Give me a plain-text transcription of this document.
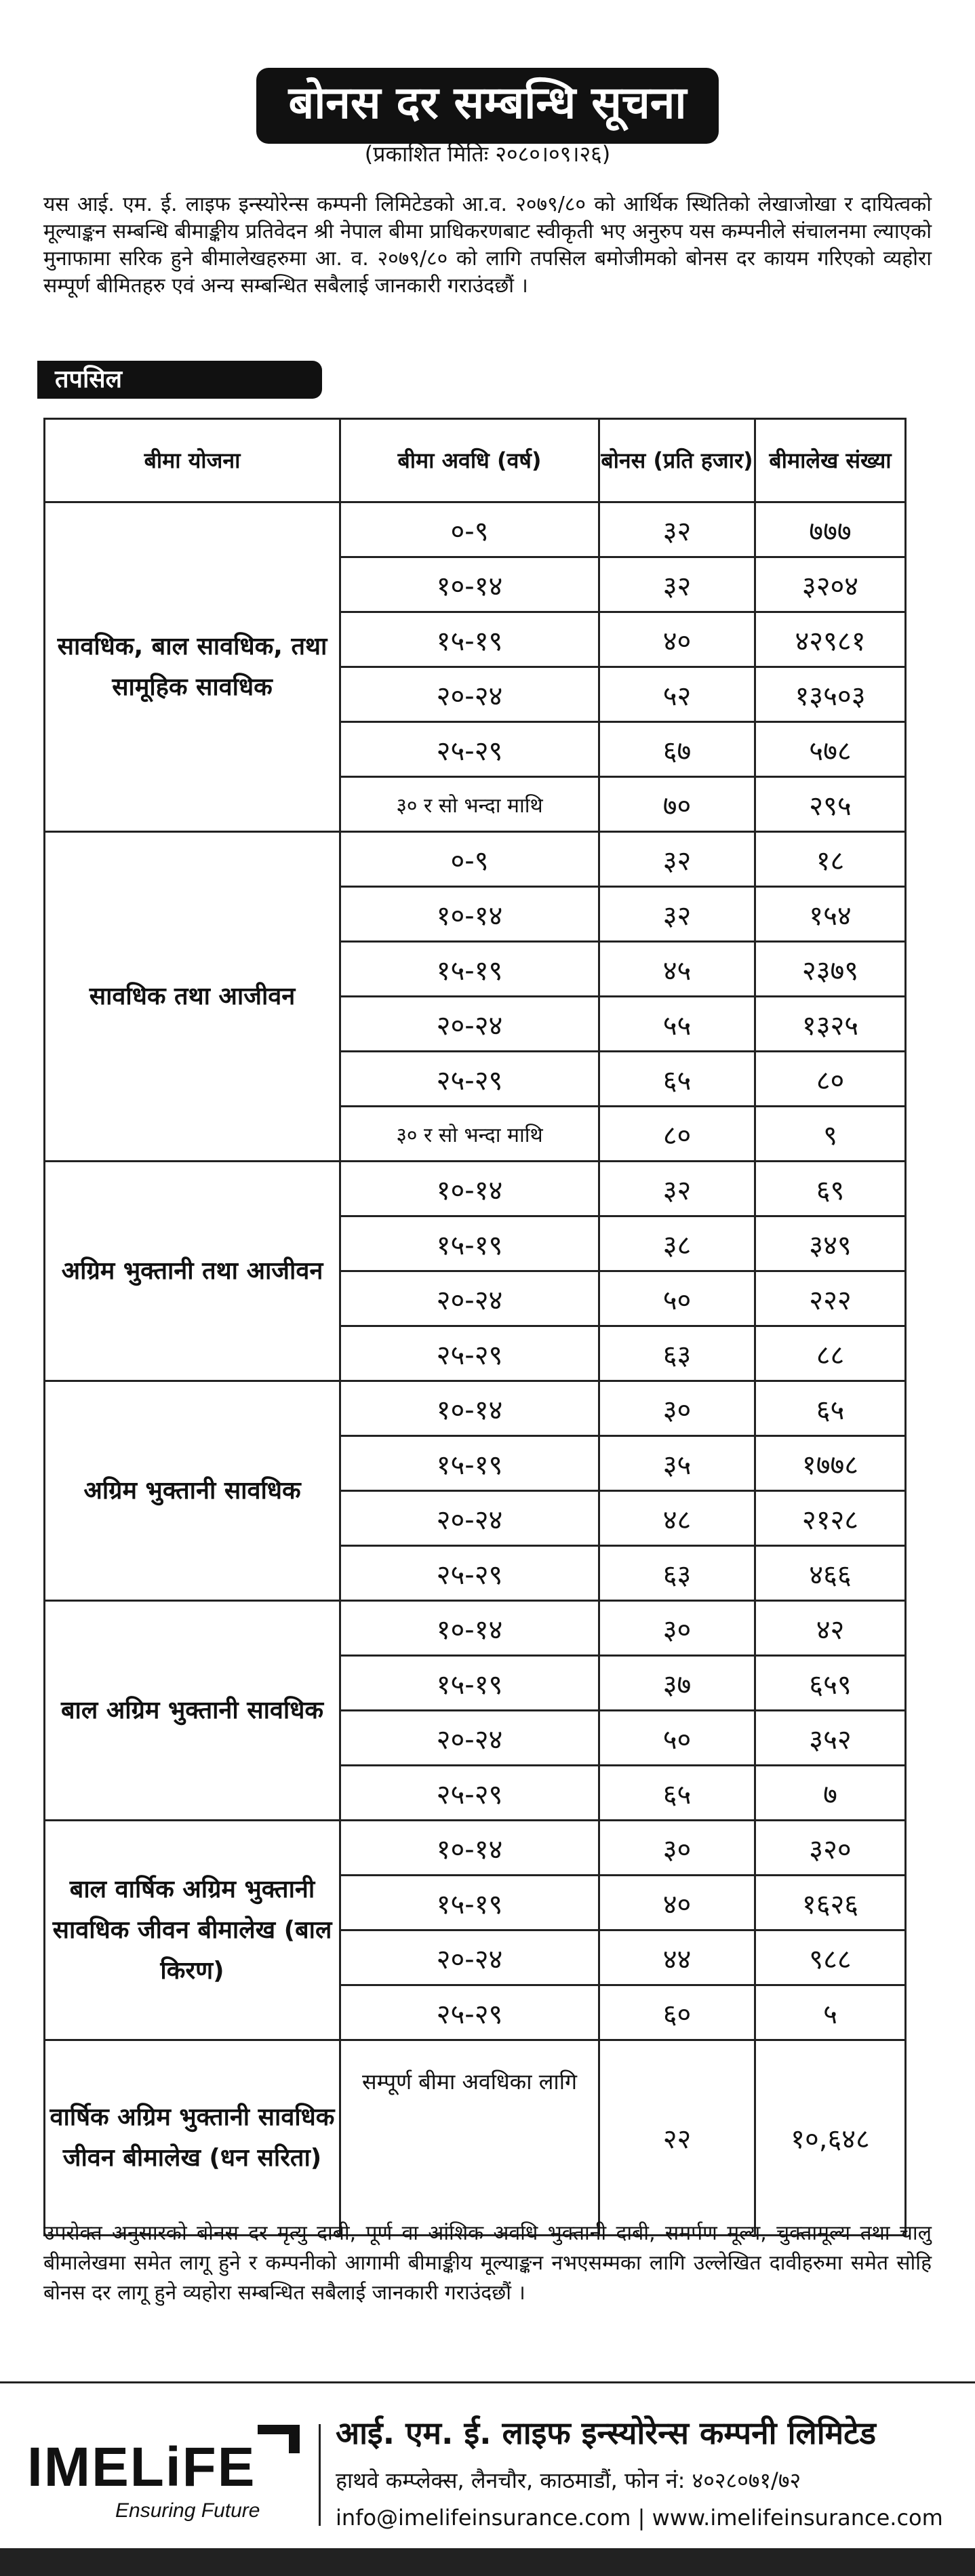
बोनस दर सम्बन्धि सूचना
(प्रकाशित मितिः २०८०।०९।२६)
यस आई. एम. ई. लाइफ इन्स्योरेन्स कम्पनी लिमिटेडको आ.व. २०७९/८० को आर्थिक स्थितिको लेखाजोखा र दायित्वको मूल्याङ्कन सम्बन्धि बीमाङ्कीय प्रतिवेदन श्री नेपाल बीमा प्राधिकरणबाट स्वीकृती भए अनुरुप यस कम्पनीले संचालनमा ल्याएको मुनाफामा सरिक हुने बीमालेखहरुमा आ. व. २०७९/८० को लागि तपसिल बमोजीमको बोनस दर कायम गरिएको व्यहोरा सम्पूर्ण बीमितहरु एवं अन्य सम्बन्धित सबैलाई जानकारी गराउंदछौं ।
तपसिल
बीमा योजना	बीमा अवधि (वर्ष)	बोनस (प्रति हजार)	बीमालेख संख्या
सावधिक, बाल सावधिक, तथा सामूहिक सावधिक	०-९	३२	७७७
	१०-१४	३२	३२०४
	१५-१९	४०	४२९८१
	२०-२४	५२	१३५०३
	२५-२९	६७	५७८
	३० र सो भन्दा माथि	७०	२९५
सावधिक तथा आजीवन	०-९	३२	१८
	१०-१४	३२	१५४
	१५-१९	४५	२३७९
	२०-२४	५५	१३२५
	२५-२९	६५	८०
	३० र सो भन्दा माथि	८०	९
अग्रिम भुक्तानी तथा आजीवन	१०-१४	३२	६९
	१५-१९	३८	३४९
	२०-२४	५०	२२२
	२५-२९	६३	८८
अग्रिम भुक्तानी सावधिक	१०-१४	३०	६५
	१५-१९	३५	१७७८
	२०-२४	४८	२१२८
	२५-२९	६३	४६६
बाल अग्रिम भुक्तानी सावधिक	१०-१४	३०	४२
	१५-१९	३७	६५९
	२०-२४	५०	३५२
	२५-२९	६५	७
बाल वार्षिक अग्रिम भुक्तानी सावधिक जीवन बीमालेख (बाल किरण)	१०-१४	३०	३२०
	१५-१९	४०	१६२६
	२०-२४	४४	९८८
	२५-२९	६०	५
वार्षिक अग्रिम भुक्तानी सावधिक जीवन बीमालेख (धन सरिता)	सम्पूर्ण बीमा अवधिका लागि	२२	१०,६४८
उपरोक्त अनुसारको बोनस दर मृत्यु दाबी, पूर्ण वा आंशिक अवधि भुक्तानी दाबी, समर्पण मूल्य, चुक्तामूल्य तथा चालु बीमालेखमा समेत लागू हुने र कम्पनीको आगामी बीमाङ्कीय मूल्याङ्कन नभएसम्मका लागि उल्लेखित दावीहरुमा समेत सोहि बोनस दर लागू हुने व्यहोरा सम्बन्धित सबैलाई जानकारी गराउंदछौं ।
IMELiFE
Ensuring Future
आई. एम. ई. लाइफ इन्स्योरेन्स कम्पनी लिमिटेड
हाथवे कम्प्लेक्स, लैनचौर, काठमाडौं, फोन नं: ४०२८०७१/७२
info@imelifeinsurance.com | www.imelifeinsurance.com
